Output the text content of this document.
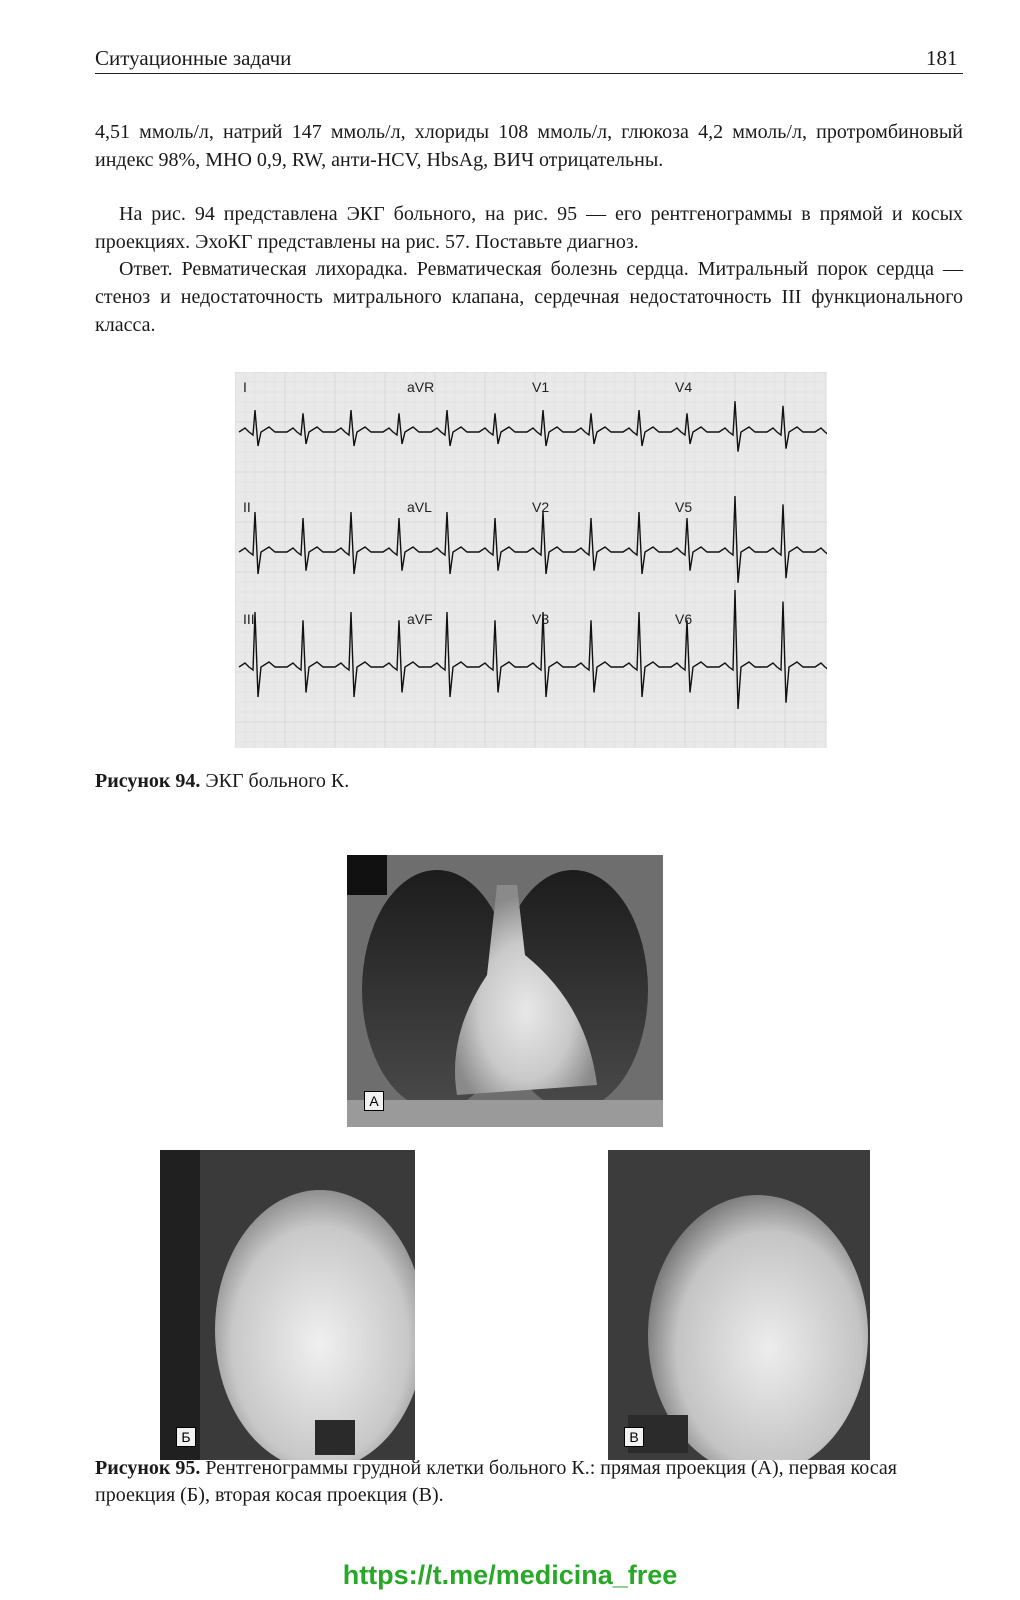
Ситуационные задачи	181

4,51 ммоль/л, натрий 147 ммоль/л, хлориды 108 ммоль/л, глюкоза 4,2 ммоль/л, протромбиновый индекс 98%, МНО 0,9, RW, анти-HCV, HbsAg, ВИЧ отрицательны.

На рис. 94 представлена ЭКГ больного, на рис. 95 — его рентгенограммы в прямой и косых проекциях. ЭхоКГ представлены на рис. 57. Поставьте диагноз.

Ответ. Ревматическая лихорадка. Ревматическая болезнь сердца. Митральный порок сердца — стеноз и недостаточность митрального клапана, сердечная недостаточность III функционального класса.

I	aVR	V1	V4
II	aVL	V2	V5
III	aVF	V3	V6

Рисунок 94. ЭКГ больного К.

А
Б	В

Рисунок 95. Рентгенограммы грудной клетки больного К.: прямая проекция (А), первая косая проекция (Б), вторая косая проекция (В).

https://t.me/medicina_free
